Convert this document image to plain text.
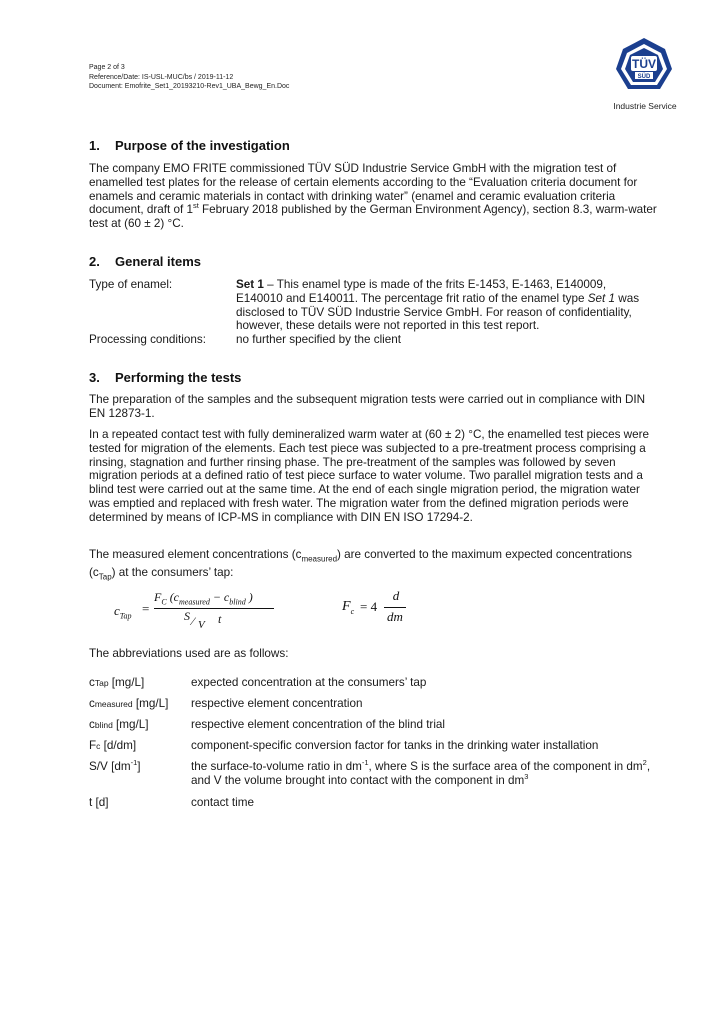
Page 2 of 3
Reference/Date: IS-USL-MUC/bs / 2019-11-12
Document: Emofrite_Set1_20193210-Rev1_UBA_Bewg_En.Doc
TÜV
SÜD
Industrie Service
1. Purpose of the investigation
The company EMO FRITE commissioned TÜV SÜD Industrie Service GmbH with the migration test of enamelled test plates for the release of certain elements according to the “Evaluation criteria document for enamels and ceramic materials in contact with drinking water” (enamel and ceramic evaluation criteria document, draft of 1st February 2018 published by the German Environment Agency), section 8.3, warm-water test at (60 ± 2) °C.
2. General items
Type of enamel:	Set 1 – This enamel type is made of the frits E-1453, E-1463, E140009, E140010 and E140011. The percentage frit ratio of the enamel type Set 1 was disclosed to TÜV SÜD Industrie Service GmbH. For reason of confidentiality, however, these details were not reported in this test report.
Processing conditions:	no further specified by the client
3. Performing the tests
The preparation of the samples and the subsequent migration tests were carried out in compliance with DIN EN 12873-1.
In a repeated contact test with fully demineralized warm water at (60 ± 2) °C, the enamelled test pieces were tested for migration of the elements. Each test piece was subjected to a pre-treatment process comprising a rinsing, stagnation and further rinsing phase. The pre-treatment of the samples was followed by seven migration periods at a defined ratio of test piece surface to water volume. Two parallel migration tests and a blind test were carried out at the same time. At the end of each single migration period, the migration water was emptied and replaced with fresh water. The migration water from the defined migration periods were determined by means of ICP-MS in compliance with DIN EN ISO 17294-2.
The measured element concentrations $(c_{measured})$ are converted to the maximum expected concentrations $(c_{Tap})$ at the consumers’ tap:
$c_{Tap}$
=
$F_C$ ($c_{measured} - c_{blind}$ )
S ⁄ V t
$F_c = 4$
d
dm
The abbreviations used are as follows:
cTap [mg/L]	expected concentration at the consumers’ tap
cmeasured [mg/L] respective element concentration
cblind [mg/L]	respective element concentration of the blind trial
Fc [d/dm]	component-specific conversion factor for tanks in the drinking water installation
S/V $[dm^{-1}]$	the surface-to-volume ratio in $dm^{-1}$, where S is the surface area of the component in $dm^2$, and V the volume brought into contact with the component in $dm^3$
t [d]	contact time
